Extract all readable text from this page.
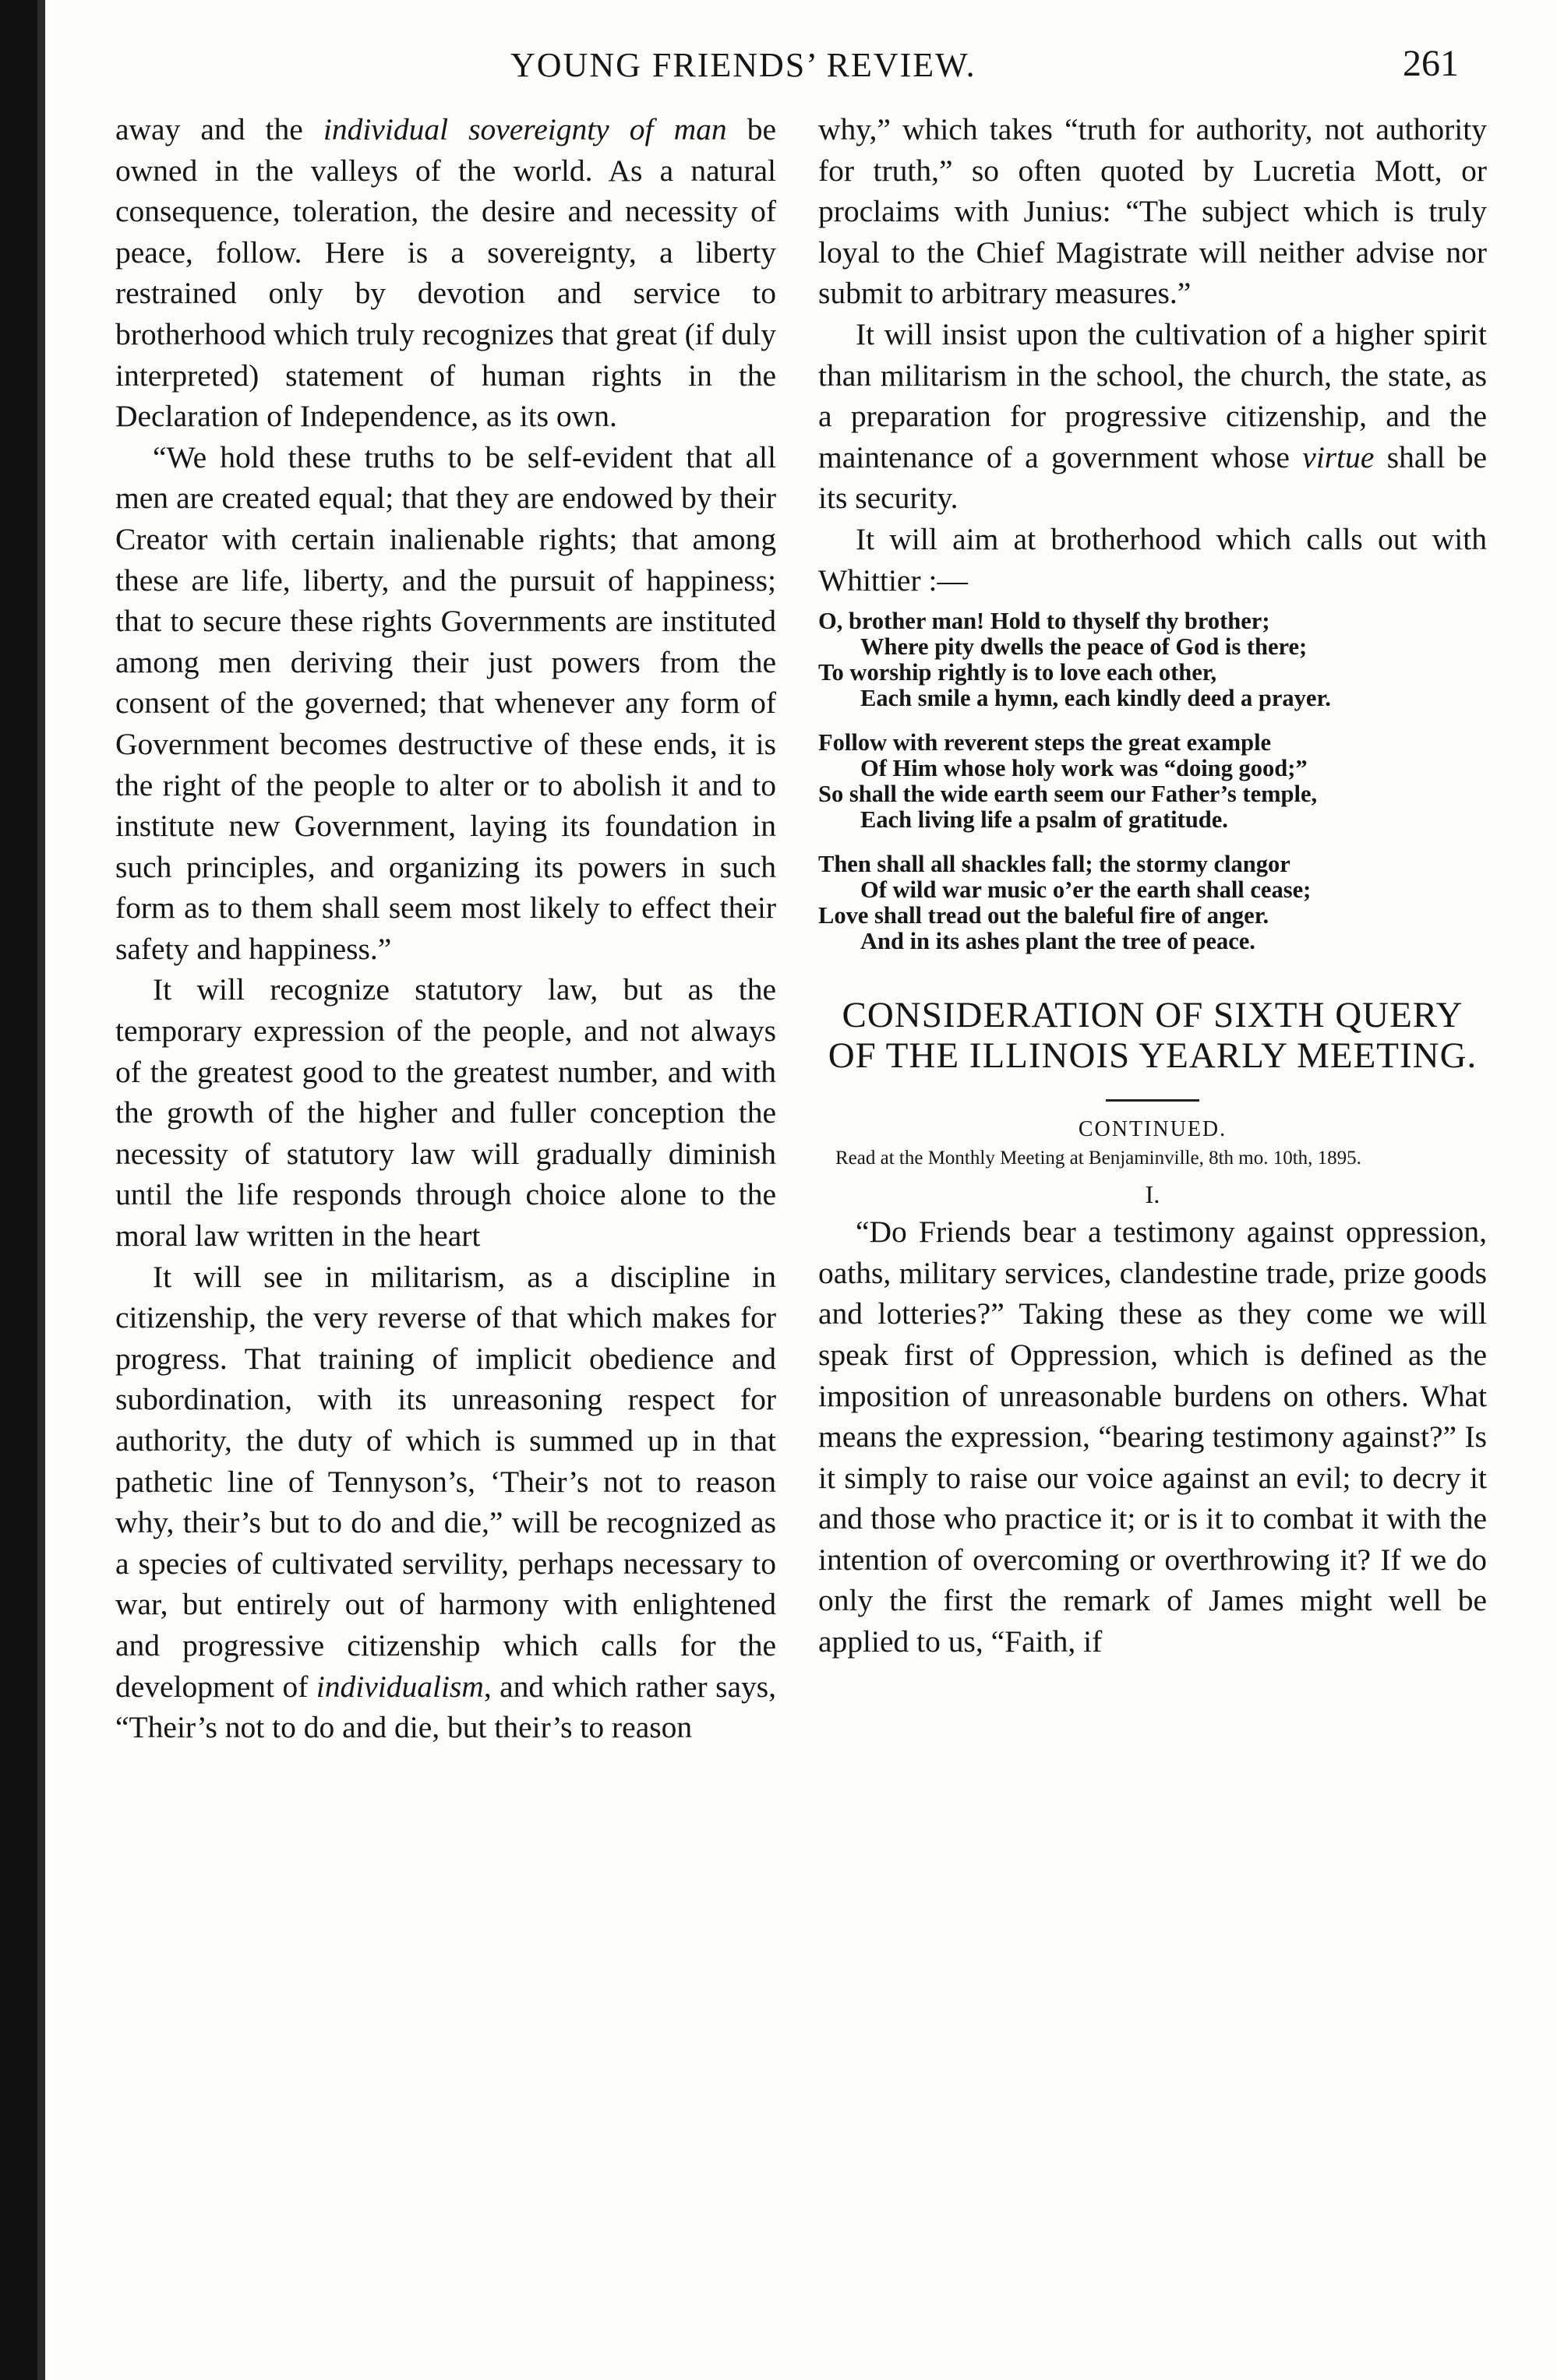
YOUNG FRIENDS’ REVIEW.	261

away and the individual sovereignty of man be owned in the valleys of the world. As a natural consequence, toleration, the desire and necessity of peace, follow. Here is a sovereignty, a liberty restrained only by devotion and service to brotherhood which truly recognizes that great (if duly interpreted) statement of human rights in the Declaration of Independence, as its own.

“We hold these truths to be self-evident that all men are created equal; that they are endowed by their Creator with certain inalienable rights; that among these are life, liberty, and the pursuit of happiness; that to secure these rights Governments are instituted among men deriving their just powers from the consent of the governed; that whenever any form of Government becomes destructive of these ends, it is the right of the people to alter or to abolish it and to institute new Government, laying its foundation in such principles, and organizing its powers in such form as to them shall seem most likely to effect their safety and happiness.”

It will recognize statutory law, but as the temporary expression of the people, and not always of the greatest good to the greatest number, and with the growth of the higher and fuller conception the necessity of statutory law will gradually diminish until the life responds through choice alone to the moral law written in the heart

It will see in militarism, as a discipline in citizenship, the very reverse of that which makes for progress. That training of implicit obedience and subordination, with its unreasoning respect for authority, the duty of which is summed up in that pathetic line of Tennyson’s, ‘Their’s not to reason why, their’s but to do and die,” will be recognized as a species of cultivated servility, perhaps necessary to war, but entirely out of harmony with enlightened and progressive citizenship which calls for the development of individualism, and which rather says, “Their’s not to do and die, but their’s to reason

why,” which takes “truth for authority, not authority for truth,” so often quoted by Lucretia Mott, or proclaims with Junius: “The subject which is truly loyal to the Chief Magistrate will neither advise nor submit to arbitrary measures.”

It will insist upon the cultivation of a higher spirit than militarism in the school, the church, the state, as a preparation for progressive citizenship, and the maintenance of a government whose virtue shall be its security.

It will aim at brotherhood which calls out with Whittier :—

O, brother man! Hold to thyself thy brother;
Where pity dwells the peace of God is there;
To worship rightly is to love each other,
Each smile a hymn, each kindly deed a prayer.
Follow with reverent steps the great example
Of Him whose holy work was “doing good;”
So shall the wide earth seem our Father’s temple,
Each living life a psalm of gratitude.
Then shall all shackles fall; the stormy clangor
Of wild war music o’er the earth shall cease;
Love shall tread out the baleful fire of anger.
And in its ashes plant the tree of peace.
CONSIDERATION OF SIXTH QUERY OF THE ILLINOIS YEARLY MEETING.
CONTINUED.
Read at the Monthly Meeting at Benjaminville, 8th mo. 10th, 1895.
I.

“Do Friends bear a testimony against oppression, oaths, military services, clandestine trade, prize goods and lotteries?” Taking these as they come we will speak first of Oppression, which is defined as the imposition of unreasonable burdens on others. What means the expression, “bearing testimony against?” Is it simply to raise our voice against an evil; to decry it and those who practice it; or is it to combat it with the intention of overcoming or overthrowing it? If we do only the first the remark of James might well be applied to us, “Faith, if
